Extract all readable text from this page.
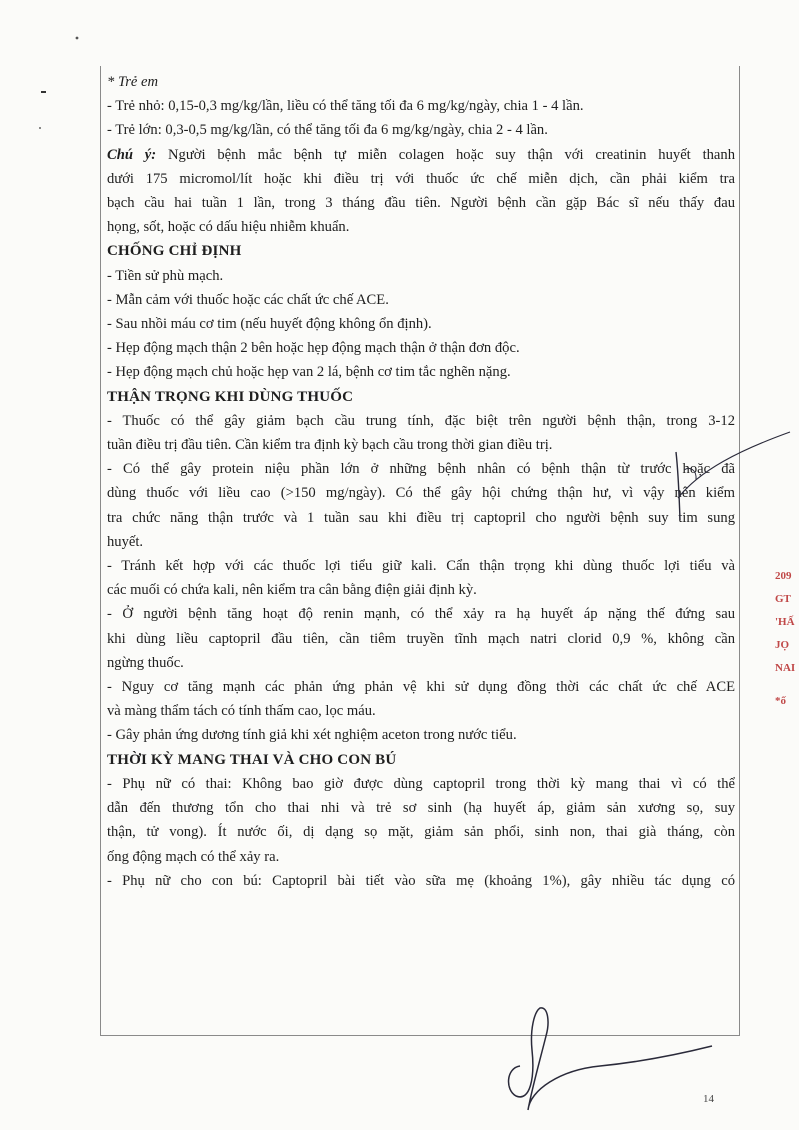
209
GT
'HẤ
JỌ
NAI
*ố
* Trẻ em
- Trẻ nhỏ: 0,15-0,3 mg/kg/lần, liều có thể tăng tối đa 6 mg/kg/ngày, chia 1 - 4 lần.
- Trẻ lớn: 0,3-0,5 mg/kg/lần, có thể tăng tối đa 6 mg/kg/ngày, chia 2 - 4 lần.
Chú ý: Người bệnh mắc bệnh tự miễn colagen hoặc suy thận với creatinin huyết thanh
dưới 175 micromol/lít hoặc khi điều trị với thuốc ức chế miễn dịch, cần phải kiểm tra
bạch cầu hai tuần 1 lần, trong 3 tháng đầu tiên. Người bệnh cần gặp Bác sĩ nếu thấy đau
họng, sốt, hoặc có dấu hiệu nhiễm khuẩn.
CHỐNG CHỈ ĐỊNH
- Tiền sử phù mạch.
- Mẫn cảm với thuốc hoặc các chất ức chế ACE.
- Sau nhồi máu cơ tim (nếu huyết động không ổn định).
- Hẹp động mạch thận 2 bên hoặc hẹp động mạch thận ở thận đơn độc.
- Hẹp động mạch chủ hoặc hẹp van 2 lá, bệnh cơ tim tắc nghẽn nặng.
THẬN TRỌNG KHI DÙNG THUỐC
- Thuốc có thể gây giảm bạch cầu trung tính, đặc biệt trên người bệnh thận, trong 3-12
tuần điều trị đầu tiên. Cần kiểm tra định kỳ bạch cầu trong thời gian điều trị.
- Có thể gây protein niệu phần lớn ở những bệnh nhân có bệnh thận từ trước hoặc đã
dùng thuốc với liều cao (>150 mg/ngày). Có thể gây hội chứng thận hư, vì vậy nên kiểm
tra chức năng thận trước và 1 tuần sau khi điều trị captopril cho người bệnh suy tim sung
huyết.
- Tránh kết hợp với các thuốc lợi tiểu giữ kali. Cẩn thận trọng khi dùng thuốc lợi tiểu và
các muối có chứa kali, nên kiểm tra cân bằng điện giải định kỳ.
- Ở người bệnh tăng hoạt độ renin mạnh, có thể xảy ra hạ huyết áp nặng thế đứng sau
khi dùng liều captopril đầu tiên, cần tiêm truyền tĩnh mạch natri clorid 0,9 %, không cần
ngừng thuốc.
- Nguy cơ tăng mạnh các phản ứng phản vệ khi sử dụng đồng thời các chất ức chế ACE
và màng thẩm tách có tính thấm cao, lọc máu.
- Gây phản ứng dương tính giả khi xét nghiệm aceton trong nước tiểu.
THỜI KỲ MANG THAI VÀ CHO CON BÚ
- Phụ nữ có thai: Không bao giờ được dùng captopril trong thời kỳ mang thai vì có thể
dẫn đến thương tổn cho thai nhi và trẻ sơ sinh (hạ huyết áp, giảm sản xương sọ, suy
thận, tử vong). Ít nước ối, dị dạng sọ mặt, giảm sản phổi, sinh non, thai già tháng, còn
ống động mạch có thể xảy ra.
- Phụ nữ cho con bú: Captopril bài tiết vào sữa mẹ (khoảng 1%), gây nhiều tác dụng có
14
